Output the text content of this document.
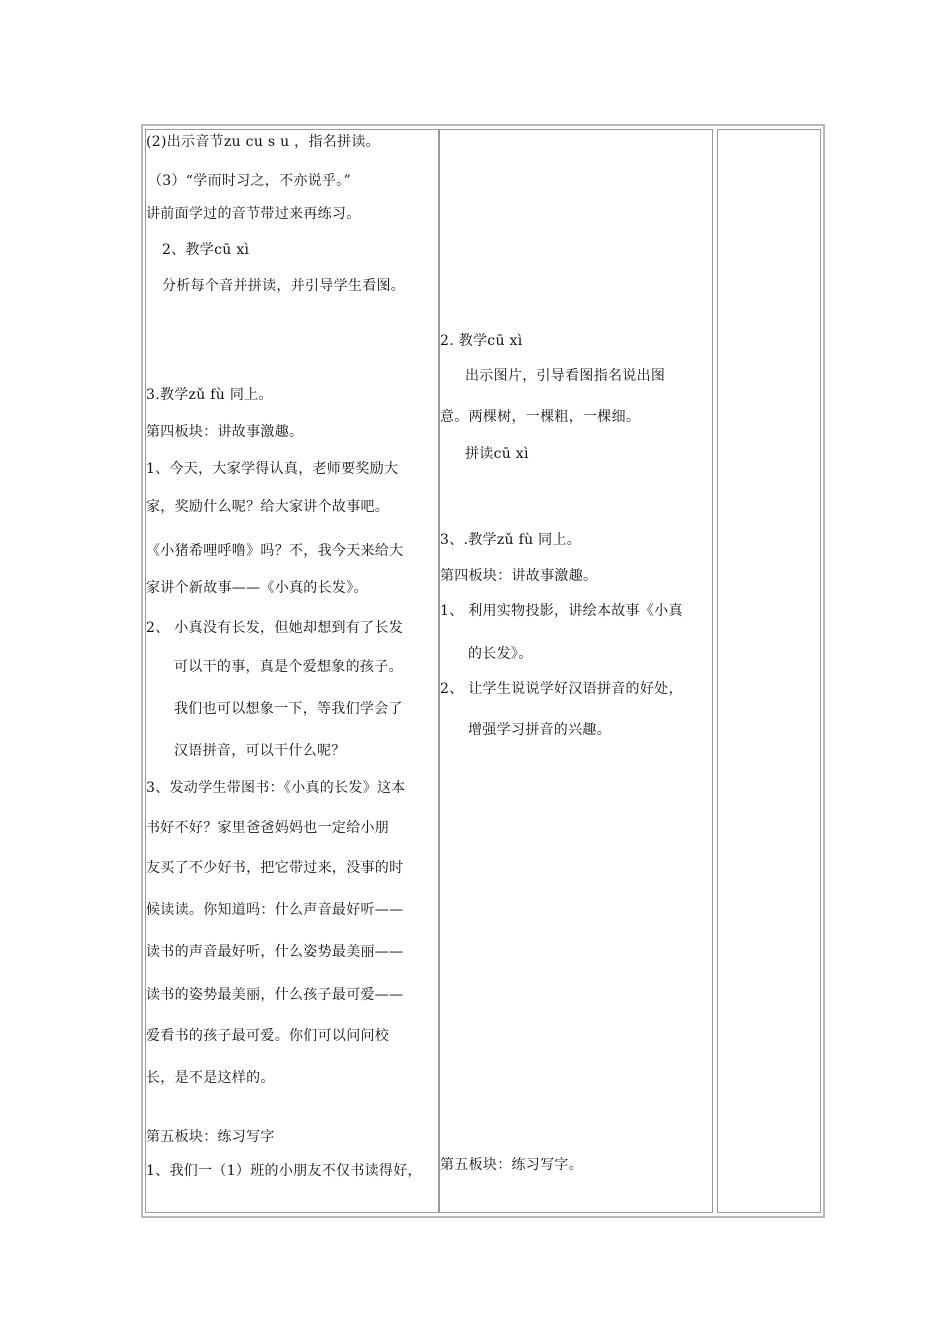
(2)出示音节zu cu s u ，指名拼读。
（3）“学而时习之，不亦说乎。”
讲前面学过的音节带过来再练习。
2、教学cū xì
分析每个音并拼读，并引导学生看图。
3.教学zǔ fù 同上。
第四板块：讲故事激趣。
1、今天，大家学得认真，老师要奖励大
家，奖励什么呢？给大家讲个故事吧。
《小猪希哩呼噜》吗？不，我今天来给大
家讲个新故事——《小真的长发》。
2、 小真没有长发，但她却想到有了长发
可以干的事，真是个爱想象的孩子。
我们也可以想象一下，等我们学会了
汉语拼音，可以干什么呢？
3、发动学生带图书：《小真的长发》这本
书好不好？家里爸爸妈妈也一定给小朋
友买了不少好书，把它带过来，没事的时
候读读。你知道吗：什么声音最好听——
读书的声音最好听，什么姿势最美丽——
读书的姿势最美丽，什么孩子最可爱——
爱看书的孩子最可爱。你们可以问问校
长，是不是这样的。
第五板块：练习写字
1、我们一（1）班的小朋友不仅书读得好，
2. 教学cū xì
出示图片，引导看图指名说出图
意。两棵树，一棵粗，一棵细。
拼读cū xì
3、.教学zǔ fù 同上。
第四板块：讲故事激趣。
1、 利用实物投影，讲绘本故事《小真
的长发》。
2、 让学生说说学好汉语拼音的好处，
增强学习拼音的兴趣。
第五板块：练习写字。
